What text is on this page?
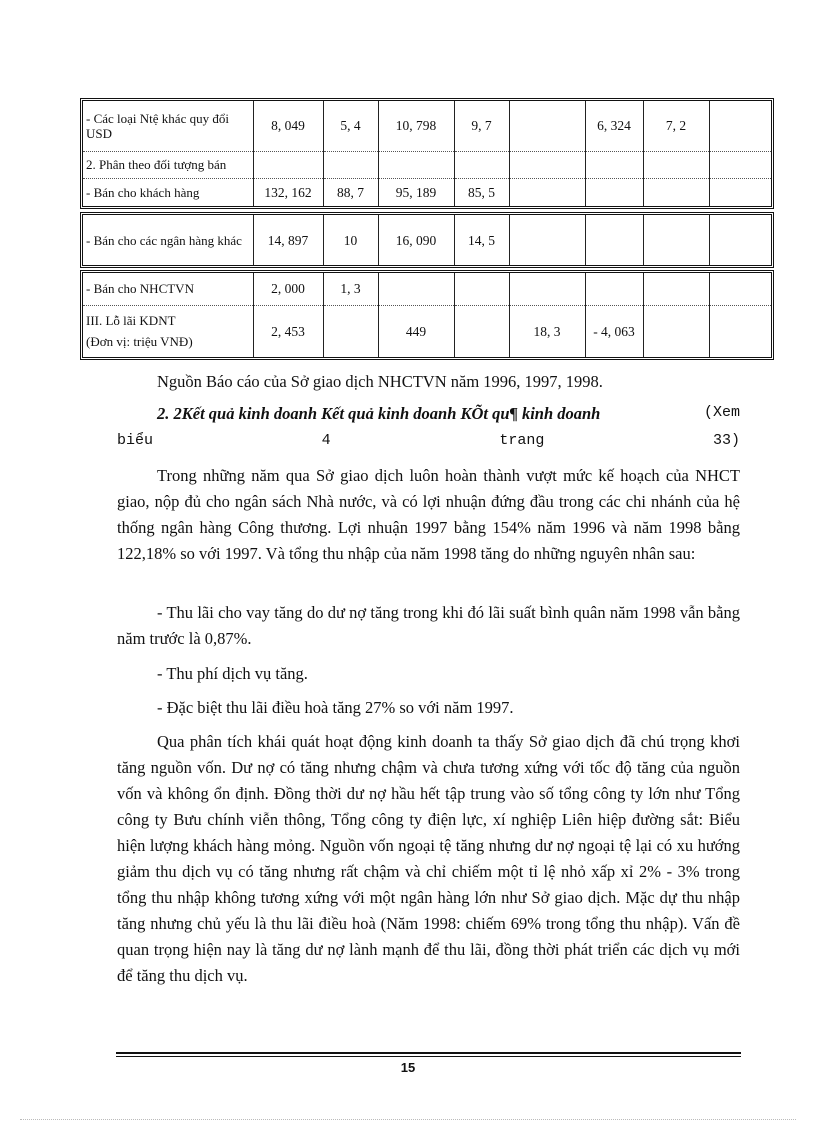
- Các loại Ntệ khác quy đổi USD	8, 049	5, 4	10, 798	9, 7		6, 324	7, 2	
2. Phân theo đối tượng bán								
- Bán cho khách hàng	132, 162	88, 7	95, 189	85, 5				
- Bán cho các ngân hàng khác	14, 897	10	16, 090	14, 5				
- Bán cho NHCTVN	2, 000	1, 3						

III. Lỗ lãi KDNT
(Đơn vị: triệu VNĐ)	2, 453		449		18, 3	- 4, 063		
Nguồn Báo cáo của Sở giao dịch NHCTVN năm 1996, 1997, 1998.
(Xem
2. 2Kết quả kinh doanh Kết quả kinh doanh KÕt qu¶ kinh doanh
biểu	4	trang	33)

Trong những năm qua Sở giao dịch luôn hoàn thành vượt mức kế hoạch của NHCT giao, nộp đủ cho ngân sách Nhà nước, và có lợi nhuận đứng đầu trong các chi nhánh của hệ thống ngân hàng Công thương. Lợi nhuận 1997 bằng 154% năm 1996 và năm 1998 bằng 122,18% so với 1997. Và tổng thu nhập của năm 1998 tăng do những nguyên nhân sau:

- Thu lãi cho vay tăng do dư nợ tăng trong khi đó lãi suất bình quân năm 1998 vẫn bằng năm trước là 0,87%.

- Thu phí dịch vụ tăng.

- Đặc biệt thu lãi điều hoà tăng 27% so với năm 1997.

Qua phân tích khái quát hoạt động kinh doanh ta thấy Sở giao dịch đã chú trọng khơi tăng nguồn vốn. Dư nợ có tăng nhưng chậm và chưa tương xứng với tốc độ tăng của nguồn vốn và không ổn định. Đồng thời dư nợ hầu hết tập trung vào số tổng công ty lớn như Tổng công ty Bưu chính viễn thông, Tổng công ty điện lực, xí nghiệp Liên hiệp đường sắt: Biểu hiện lượng khách hàng mỏng. Nguồn vốn ngoại tệ tăng nhưng dư nợ ngoại tệ lại có xu hướng giảm thu dịch vụ có tăng nhưng rất chậm và chỉ chiếm một tỉ lệ nhỏ xấp xỉ 2% - 3% trong tổng thu nhập không tương xứng với một ngân hàng lớn như Sở giao dịch. Mặc dự thu nhập tăng nhưng chủ yếu là thu lãi điều hoà (Năm 1998: chiếm 69% trong tổng thu nhập). Vấn đề quan trọng hiện nay là tăng dư nợ lành mạnh để thu lãi, đồng thời phát triển các dịch vụ mới để tăng thu dịch vụ.

15
